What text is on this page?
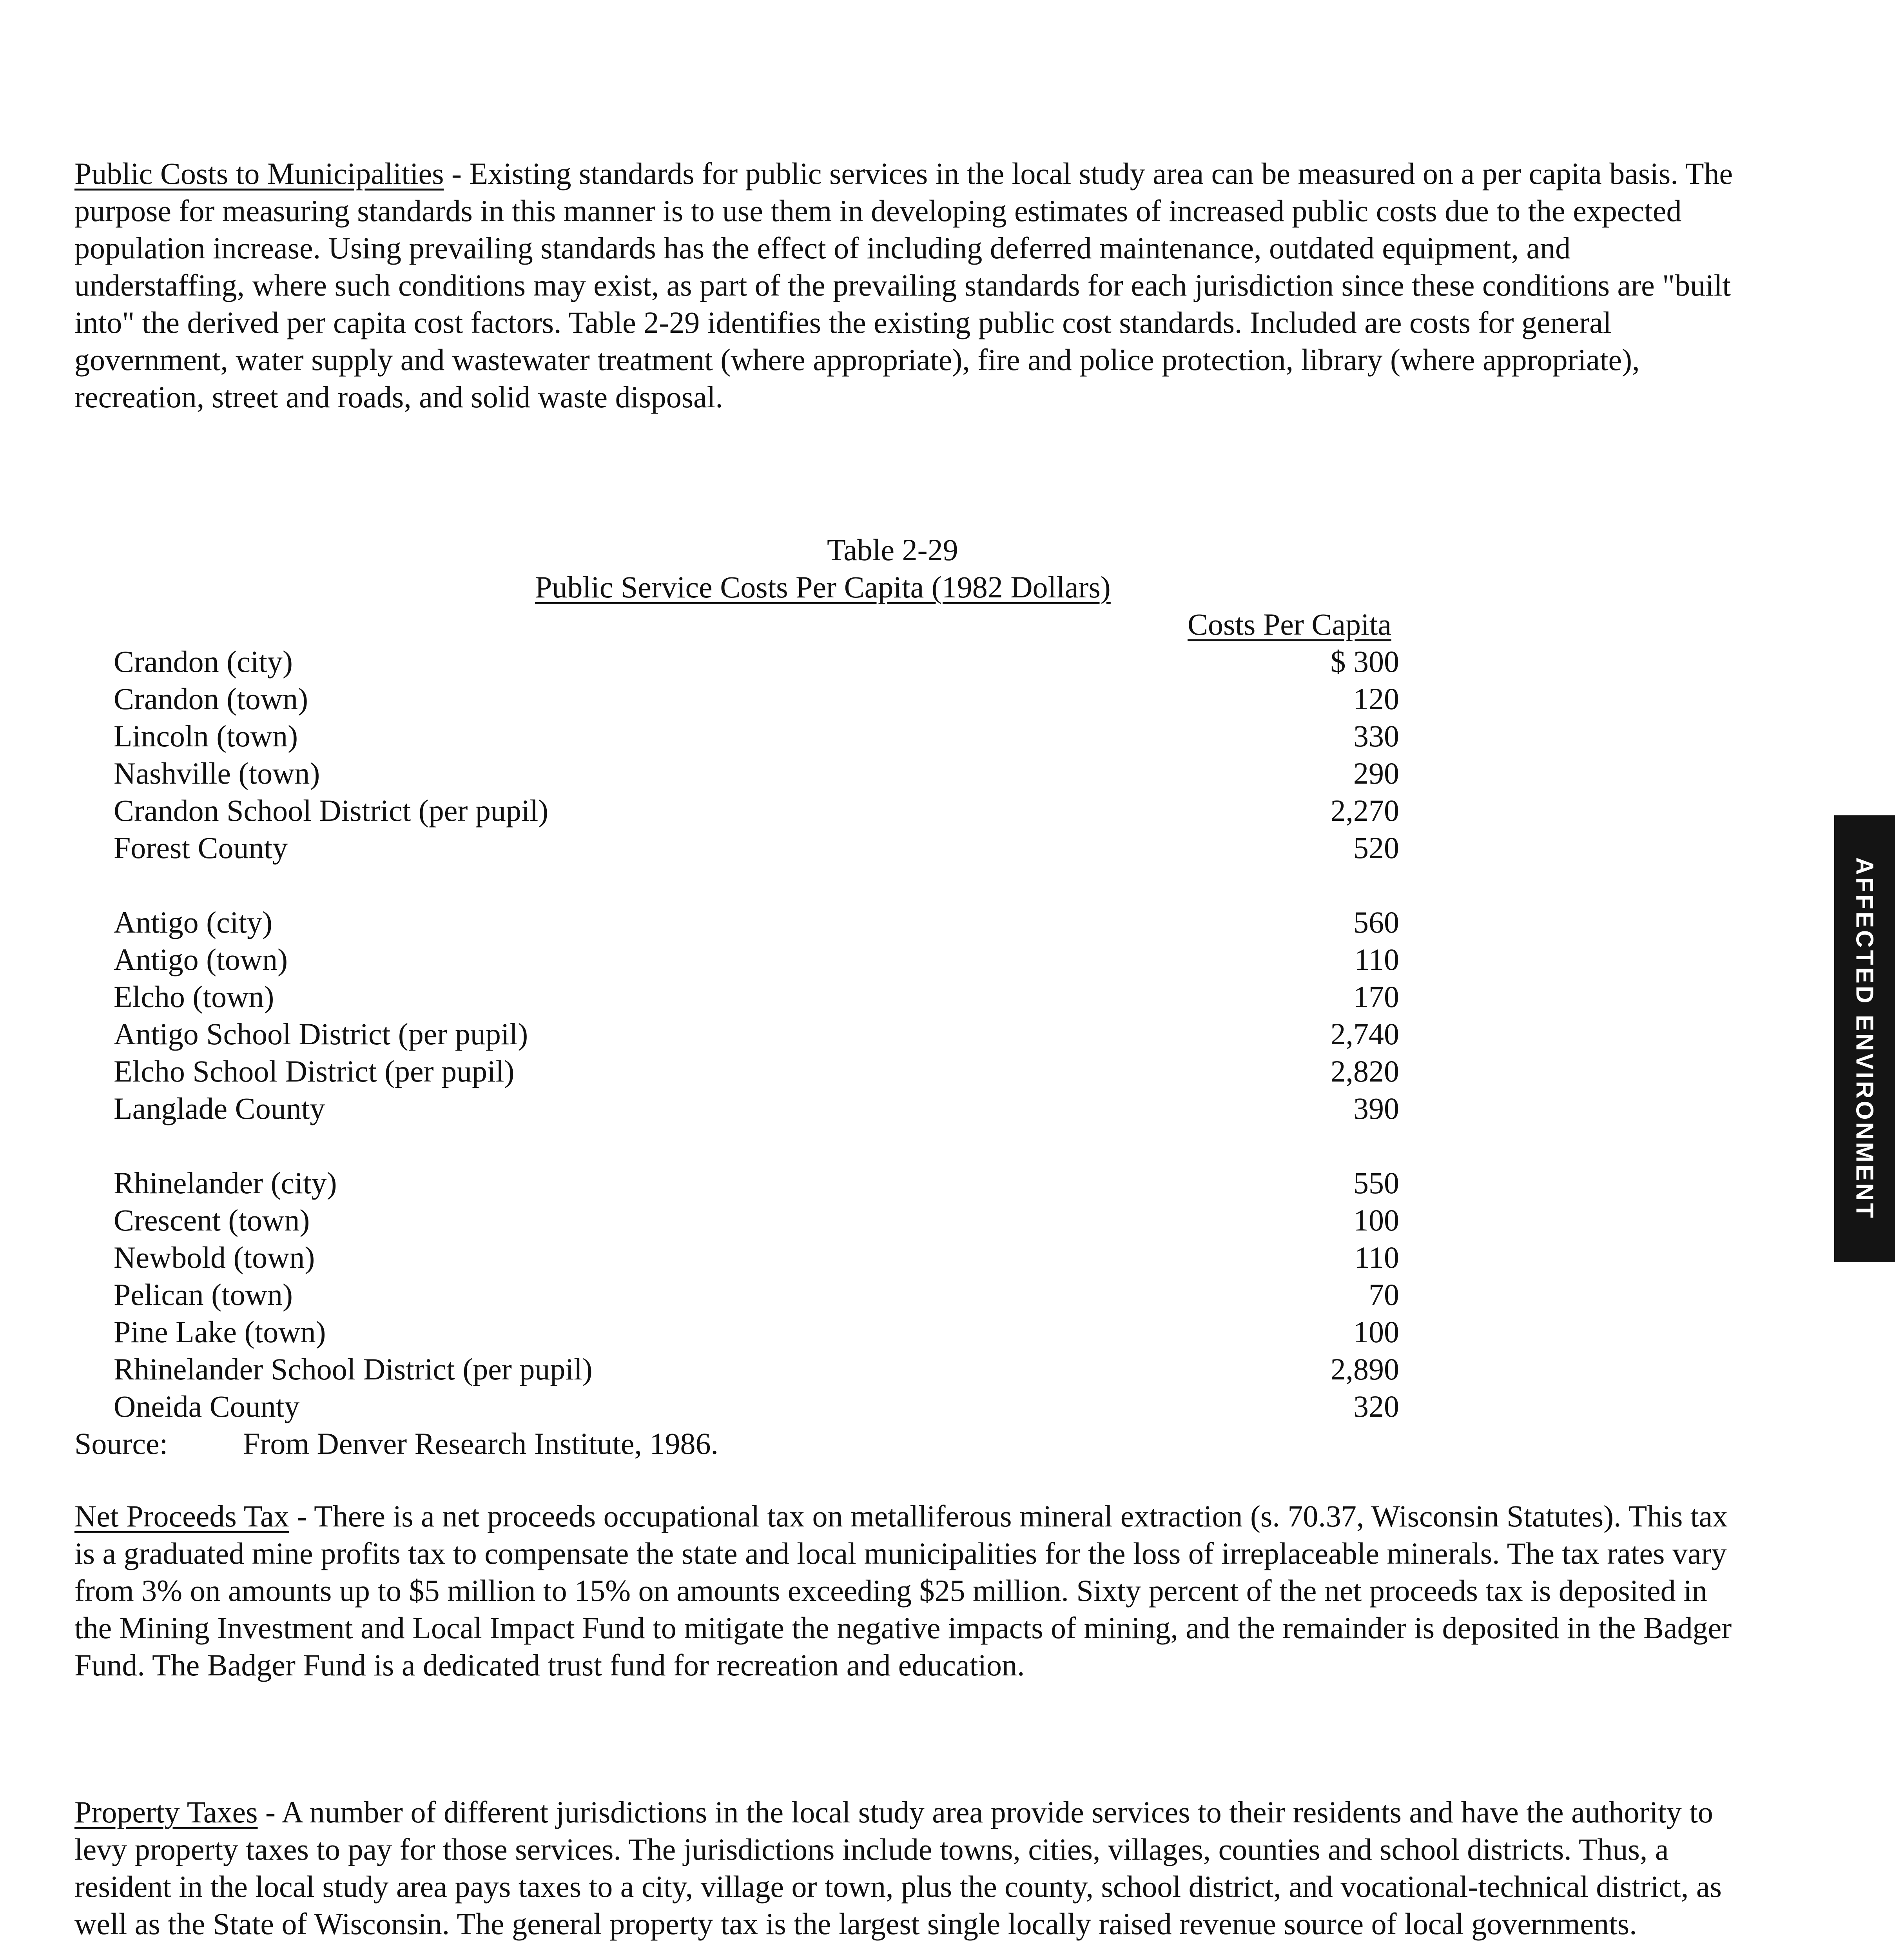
Public Costs to Municipalities - Existing standards for public services in the local study area can be measured on a per capita basis. The purpose for measuring standards in this manner is to use them in developing estimates of increased public costs due to the expected population increase. Using prevailing standards has the effect of including deferred maintenance, outdated equipment, and understaffing, where such conditions may exist, as part of the prevailing standards for each jurisdiction since these conditions are "built into" the derived per capita cost factors. Table 2-29 identifies the existing public cost standards. Included are costs for general government, water supply and wastewater treatment (where appropriate), fire and police protection, library (where appropriate), recreation, street and roads, and solid waste disposal.

Table 2-29
Public Service Costs Per Capita (1982 Dollars)
Costs Per Capita
Crandon (city)	$ 300
Crandon (town)	120
Lincoln (town)	330
Nashville (town)	290
Crandon School District (per pupil)	2,270
Forest County	520
Antigo (city)	560
Antigo (town)	110
Elcho (town)	170
Antigo School District (per pupil)	2,740
Elcho School District (per pupil)	2,820
Langlade County	390
Rhinelander (city)	550
Crescent (town)	100
Newbold (town)	110
Pelican (town)	70
Pine Lake (town)	100
Rhinelander School District (per pupil)	2,890
Oneida County	320
Source: From Denver Research Institute, 1986.

Net Proceeds Tax - There is a net proceeds occupational tax on metalliferous mineral extraction (s. 70.37, Wisconsin Statutes). This tax is a graduated mine profits tax to compensate the state and local municipalities for the loss of irreplaceable minerals. The tax rates vary from 3% on amounts up to $5 million to 15% on amounts exceeding $25 million. Sixty percent of the net proceeds tax is deposited in the Mining Investment and Local Impact Fund to mitigate the negative impacts of mining, and the remainder is deposited in the Badger Fund. The Badger Fund is a dedicated trust fund for recreation and education.

Property Taxes - A number of different jurisdictions in the local study area provide services to their residents and have the authority to levy property taxes to pay for those services. The jurisdictions include towns, cities, villages, counties and school districts. Thus, a resident in the local study area pays taxes to a city, village or town, plus the county, school district, and vocational-technical district, as well as the State of Wisconsin. The general property tax is the largest single locally raised revenue source of local governments.

AFFECTED ENVIRONMENT
